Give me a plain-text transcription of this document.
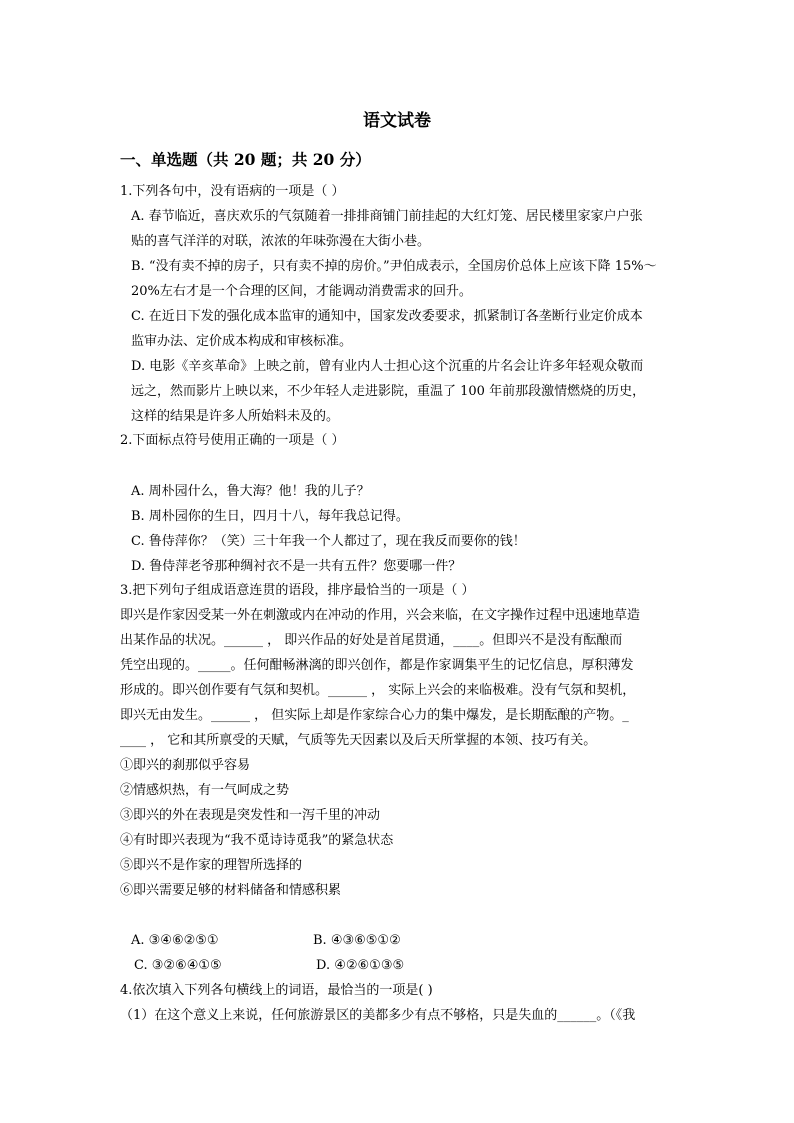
语文试卷
一、单选题（共 20 题；共 20 分）
1.下列各句中，没有语病的一项是（ ）
A. 春节临近，喜庆欢乐的气氛随着一排排商铺门前挂起的大红灯笼、居民楼里家家户户张
贴的喜气洋洋的对联，浓浓的年味弥漫在大街小巷。
B. “没有卖不掉的房子，只有卖不掉的房价。”尹伯成表示，全国房价总体上应该下降 15%～
20%左右才是一个合理的区间，才能调动消费需求的回升。
C. 在近日下发的强化成本监审的通知中，国家发改委要求，抓紧制订各垄断行业定价成本
监审办法、定价成本构成和审核标准。
D. 电影《辛亥革命》上映之前，曾有业内人士担心这个沉重的片名会让许多年轻观众敬而
远之，然而影片上映以来，不少年轻人走进影院，重温了 100 年前那段激情燃烧的历史，
这样的结果是许多人所始料未及的。
2.下面标点符号使用正确的一项是（ ）
A. 周朴园什么，鲁大海？他！我的儿子？
B. 周朴园你的生日，四月十八，每年我总记得。
C. 鲁侍萍你？（笑）三十年我一个人都过了，现在我反而要你的钱！
D. 鲁侍萍老爷那种绸衬衣不是一共有五件？您要哪一件？
3.把下列句子组成语意连贯的语段，排序最恰当的一项是（ ）
即兴是作家因受某一外在刺激或内在冲动的作用，兴会来临，在文字操作过程中迅速地草造
出某作品的状况。______ ， 即兴作品的好处是首尾贯通，____。但即兴不是没有酝酿而
凭空出现的。_____。任何酣畅淋漓的即兴创作，都是作家调集平生的记忆信息，厚积薄发
形成的。即兴创作要有气氛和契机。______ ， 实际上兴会的来临极难。没有气氛和契机，
即兴无由发生。______ ， 但实际上却是作家综合心力的集中爆发，是长期酝酿的产物。_
____ ， 它和其所禀受的天赋，气质等先天因素以及后天所掌握的本领、技巧有关。
①即兴的刹那似乎容易
②情感炽热，有一气呵成之势
③即兴的外在表现是突发性和一泻千里的冲动
④有时即兴表现为“我不觅诗诗觅我”的紧急状态
⑤即兴不是作家的理智所选择的
⑥即兴需要足够的材料储备和情感积累
A. ③④⑥②⑤①	B. ④③⑥⑤①②
C. ③②⑥④①⑤	D. ④②⑥①③⑤
4.依次填入下列各句横线上的词语，最恰当的一项是( )
（1）在这个意义上来说，任何旅游景区的美都多少有点不够格，只是失血的______。（《我
